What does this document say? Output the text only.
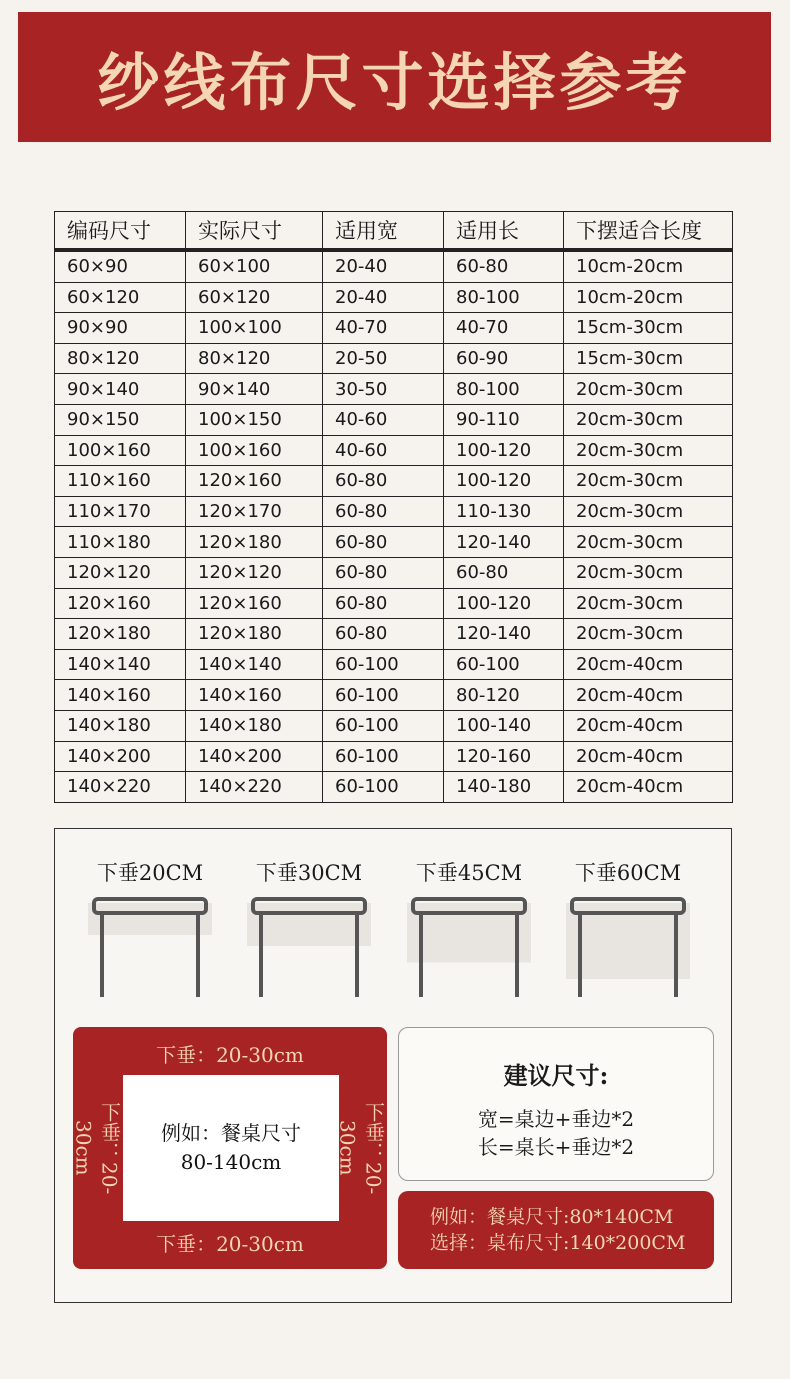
纱线布尺寸选择参考
编码尺寸	实际尺寸	适用宽	适用长	下摆适合长度
60×90	60×100	20-40	60-80	10cm-20cm
60×120	60×120	20-40	80-100	10cm-20cm
90×90	100×100	40-70	40-70	15cm-30cm
80×120	80×120	20-50	60-90	15cm-30cm
90×140	90×140	30-50	80-100	20cm-30cm
90×150	100×150	40-60	90-110	20cm-30cm
100×160	100×160	40-60	100-120	20cm-30cm
110×160	120×160	60-80	100-120	20cm-30cm
110×170	120×170	60-80	110-130	20cm-30cm
110×180	120×180	60-80	120-140	20cm-30cm
120×120	120×120	60-80	60-80	20cm-30cm
120×160	120×160	60-80	100-120	20cm-30cm
120×180	120×180	60-80	120-140	20cm-30cm
140×140	140×140	60-100	60-100	20cm-40cm
140×160	140×160	60-100	80-120	20cm-40cm
140×180	140×180	60-100	100-140	20cm-40cm
140×200	140×200	60-100	120-160	20cm-40cm
140×220	140×220	60-100	140-180	20cm-40cm
下垂20CM	下垂30CM	下垂45CM	下垂60CM
下垂：20-30cm
下垂：20-30cm	例如：餐桌尺寸
80-140cm	下垂：20-30cm
下垂：20-30cm
建议尺寸:
宽=桌边+垂边*2
长=桌长+垂边*2
例如：餐桌尺寸:80*140CM
选择：桌布尺寸:140*200CM
